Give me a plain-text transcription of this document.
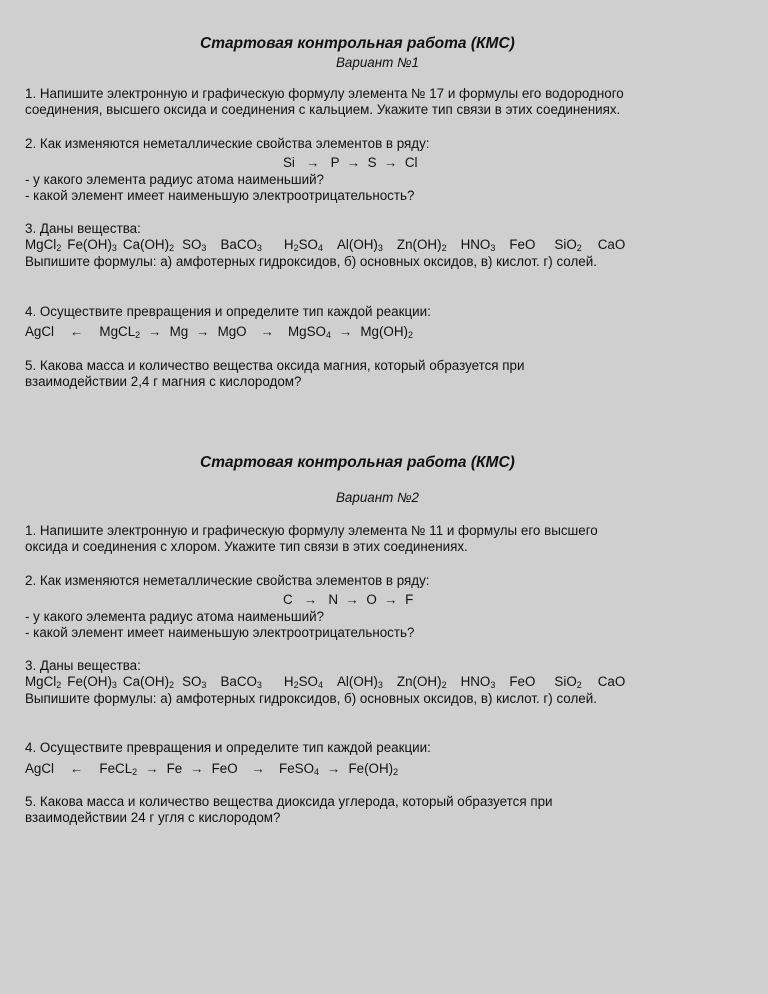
Стартовая контрольная работа (КМС)
Вариант №1
1. Напишите электронную и графическую формулу элемента № 17 и формулы его водородного
соединения, высшего оксида и соединения с кальцием. Укажите тип связи в этих соединениях.
2. Как изменяются неметаллические свойства элементов в ряду:
Si → P → S → Cl
- у какого элемента радиус атома наименьший?
- какой элемент имеет наименьшую электроотрицательность?
3. Даны вещества:
MgCl$_2$ $Fe(OH)_3$ $Ca(OH)_2$ $SO_3$ BaCO$_3$ $H_2SO_4$ $Al(OH)_3$ $Zn(OH)_2$ $HNO_3$ FeO SiO$_2$ CaO
Выпишите формулы: а) амфотерных гидроксидов, б) основных оксидов, в) кислот. г) солей.
4. Осуществите превращения и определите тип каждой реакции:
AgCl ← MgCL$_2$ → Mg → MgO → MgSO$_4$ → $Mg(OH)_2$
5. Какова масса и количество вещества оксида магния, который образуется при
взаимодействии 2,4 г магния с кислородом?
Стартовая контрольная работа (КМС)
Вариант №2
1. Напишите электронную и графическую формулу элемента № 11 и формулы его высшего
оксида и соединения с хлором. Укажите тип связи в этих соединениях.
2. Как изменяются неметаллические свойства элементов в ряду:
C → N → O → F
- у какого элемента радиус атома наименьший?
- какой элемент имеет наименьшую электроотрицательность?
3. Даны вещества:
MgCl$_2$ $Fe(OH)_3$ $Ca(OH)_2$ $SO_3$ BaCO$_3$ $H_2SO_4$ $Al(OH)_3$ $Zn(OH)_2$ $HNO_3$ FeO SiO$_2$ CaO
Выпишите формулы: а) амфотерных гидроксидов, б) основных оксидов, в) кислот. г) солей.
4. Осуществите превращения и определите тип каждой реакции:
AgCl ← FeCL$_2$ → Fe → FeO → FeSO$_4$ → $Fe(OH)_2$
5. Какова масса и количество вещества диоксида углерода, который образуется при
взаимодействии 24 г угля с кислородом?
